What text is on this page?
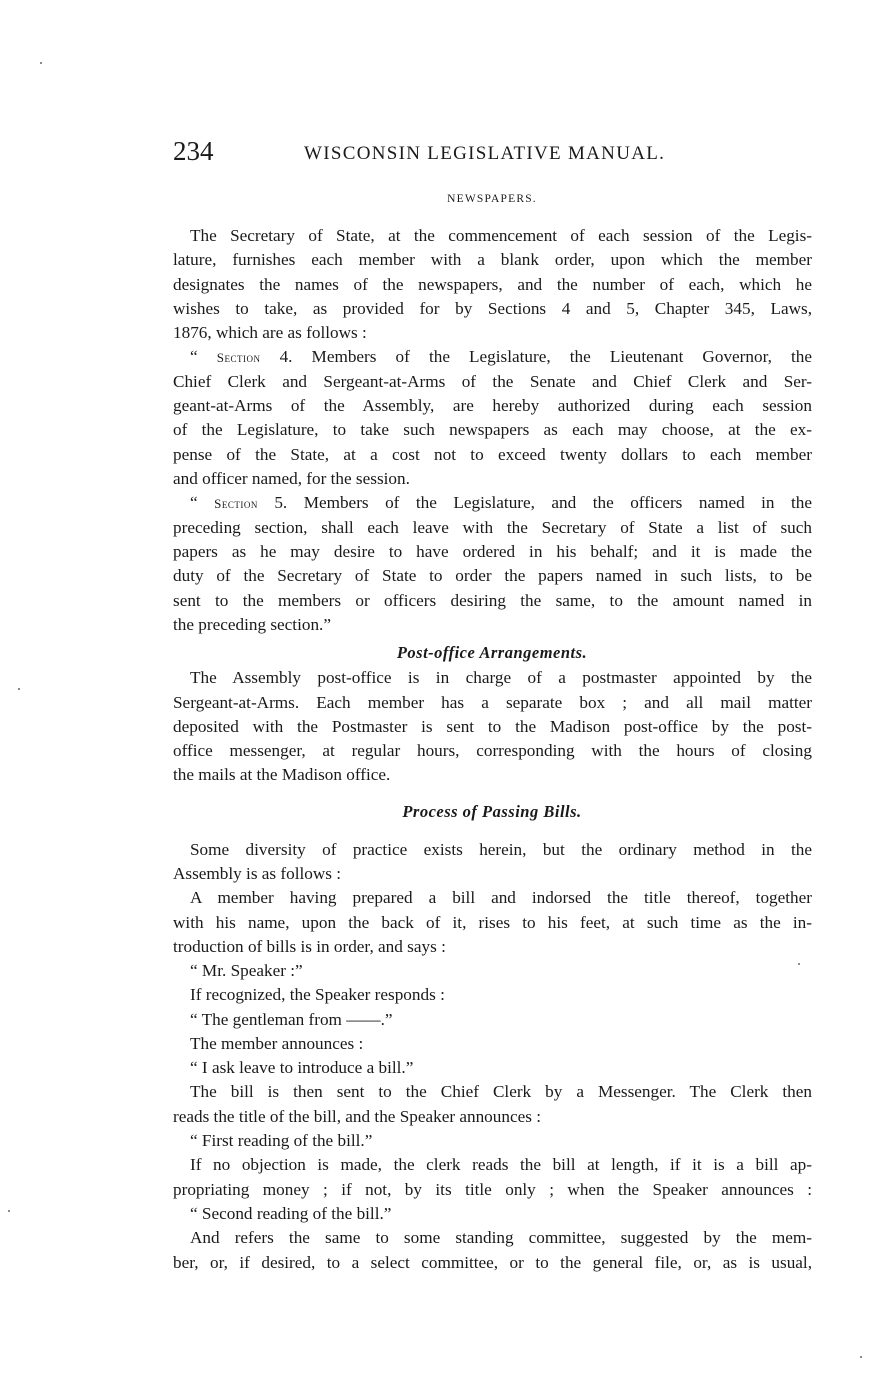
234	WISCONSIN LEGISLATIVE MANUAL.
NEWSPAPERS.
The Secretary of State, at the commencement of each session of the Legis-
lature, furnishes each member with a blank order, upon which the member
designates the names of the newspapers, and the number of each, which he
wishes to take, as provided for by Sections 4 and 5, Chapter 345, Laws,
1876, which are as follows :
“ Section 4. Members of the Legislature, the Lieutenant Governor, the
Chief Clerk and Sergeant-at-Arms of the Senate and Chief Clerk and Ser-
geant-at-Arms of the Assembly, are hereby authorized during each session
of the Legislature, to take such newspapers as each may choose, at the ex-
pense of the State, at a cost not to exceed twenty dollars to each member
and officer named, for the session.
“ Section 5. Members of the Legislature, and the officers named in the
preceding section, shall each leave with the Secretary of State a list of such
papers as he may desire to have ordered in his behalf; and it is made the
duty of the Secretary of State to order the papers named in such lists, to be
sent to the members or officers desiring the same, to the amount named in
the preceding section.”
Post-office Arrangements.
The Assembly post-office is in charge of a postmaster appointed by the
Sergeant-at-Arms. Each member has a separate box ; and all mail matter
deposited with the Postmaster is sent to the Madison post-office by the post-
office messenger, at regular hours, corresponding with the hours of closing
the mails at the Madison office.
Process of Passing Bills.
Some diversity of practice exists herein, but the ordinary method in the
Assembly is as follows :
A member having prepared a bill and indorsed the title thereof, together
with his name, upon the back of it, rises to his feet, at such time as the in-
troduction of bills is in order, and says :
“ Mr. Speaker :”
If recognized, the Speaker responds :
“ The gentleman from ——.”
The member announces :
“ I ask leave to introduce a bill.”
The bill is then sent to the Chief Clerk by a Messenger. The Clerk then
reads the title of the bill, and the Speaker announces :
“ First reading of the bill.”
If no objection is made, the clerk reads the bill at length, if it is a bill ap-
propriating money ; if not, by its title only ; when the Speaker announces :
“ Second reading of the bill.”
And refers the same to some standing committee, suggested by the mem-
ber, or, if desired, to a select committee, or to the general file, or, as is usual,
